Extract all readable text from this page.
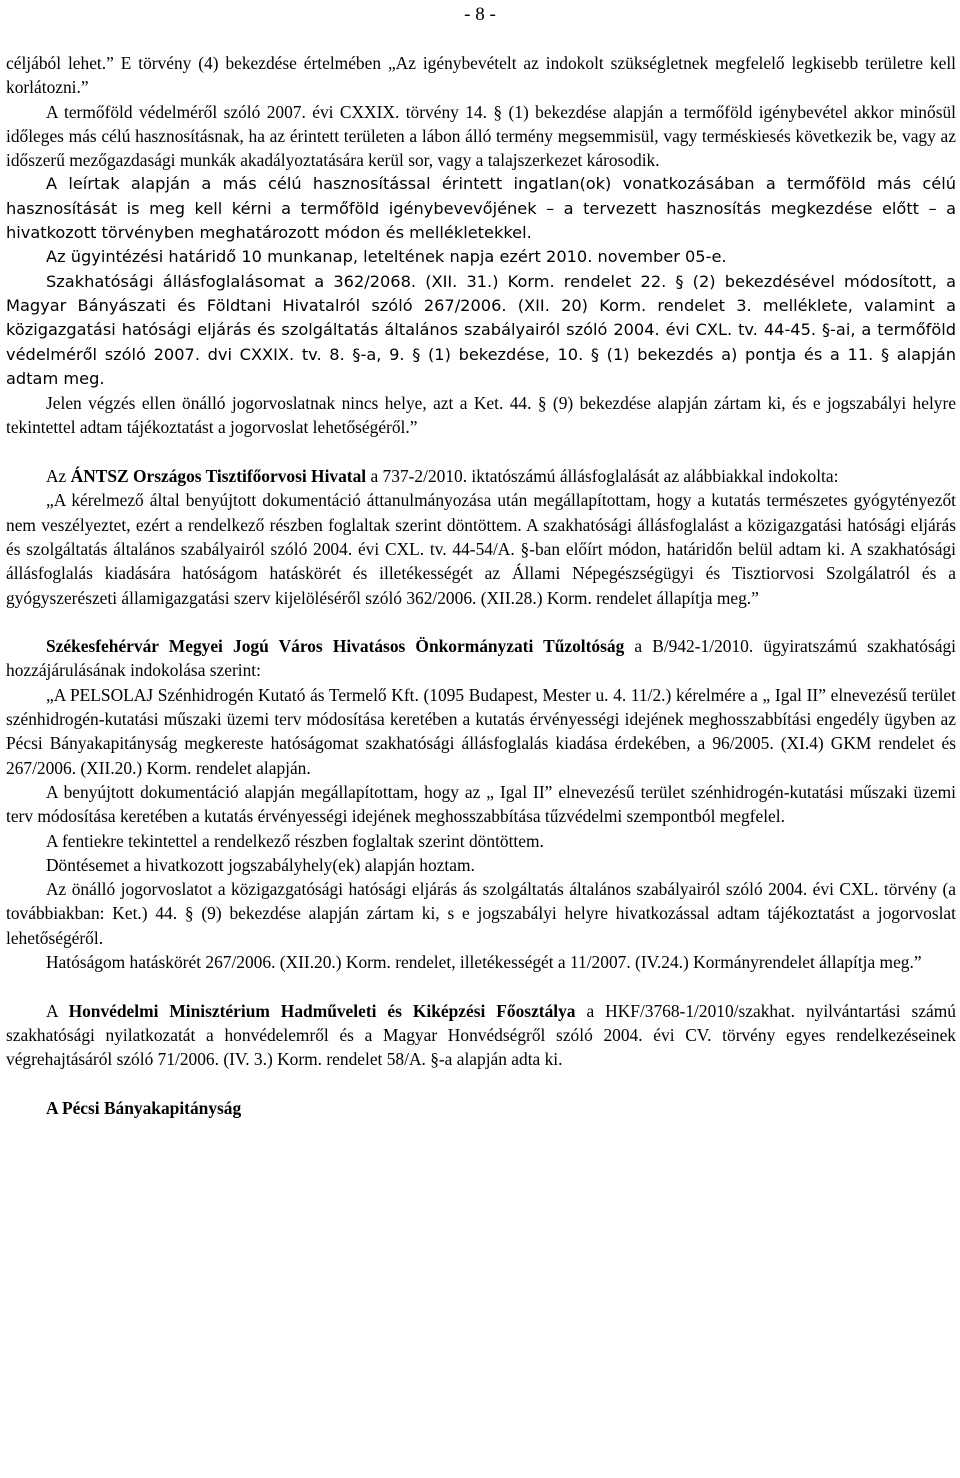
- 8 -

céljából lehet.” E törvény (4) bekezdése értelmében „Az igénybevételt az indokolt szükségletnek megfelelő legkisebb területre kell korlátozni.”

A termőföld védelméről szóló 2007. évi CXXIX. törvény 14. § (1) bekezdése alapján a termőföld igénybevétel akkor minősül időleges más célú hasznosításnak, ha az érintett területen a lábon álló termény megsemmisül, vagy terméskiesés következik be, vagy az időszerű mezőgazdasági munkák akadályoztatására kerül sor, vagy a talajszerkezet károsodik.

A leírtak alapján a más célú hasznosítással érintett ingatlan(ok) vonatkozásában a termőföld más célú hasznosítását is meg kell kérni a termőföld igénybevevőjének – a tervezett hasznosítás megkezdése előtt – a hivatkozott törvényben meghatározott módon és mellékletekkel.

Az ügyintézési határidő 10 munkanap, leteltének napja ezért 2010. november 05-e.

Szakhatósági állásfoglalásomat a 362/2068. (XII. 31.) Korm. rendelet 22. § (2) bekezdésével módosított, a Magyar Bányászati és Földtani Hivatalról szóló 267/2006. (XII. 20) Korm. rendelet 3. melléklete, valamint a közigazgatási hatósági eljárás és szolgáltatás általános szabályairól szóló 2004. évi CXL. tv. 44-45. §-ai, a termőföld védelméről szóló 2007. dvi CXXIX. tv. 8. §-a, 9. § (1) bekezdése, 10. § (1) bekezdés a) pontja és a 11. § alapján adtam meg.

Jelen végzés ellen önálló jogorvoslatnak nincs helye, azt a Ket. 44. § (9) bekezdése alapján zártam ki, és e jogszabályi helyre tekintettel adtam tájékoztatást a jogorvoslat lehetőségéről.”

Az ÁNTSZ Országos Tisztifőorvosi Hivatal a 737-2/2010. iktatószámú állásfoglalását az alábbiakkal indokolta:

„A kérelmező által benyújtott dokumentáció áttanulmányozása után megállapítottam, hogy a kutatás természetes gyógytényezőt nem veszélyeztet, ezért a rendelkező részben foglaltak szerint döntöttem. A szakhatósági állásfoglalást a közigazgatási hatósági eljárás és szolgáltatás általános szabályairól szóló 2004. évi CXL. tv. 44-54/A. §-ban előírt módon, határidőn belül adtam ki. A szakhatósági állásfoglalás kiadására hatóságom hatáskörét és illetékességét az Állami Népegészségügyi és Tisztiorvosi Szolgálatról és a gyógyszerészeti államigazgatási szerv kijelöléséről szóló 362/2006. (XII.28.) Korm. rendelet állapítja meg.”

Székesfehérvár Megyei Jogú Város Hivatásos Önkormányzati Tűzoltóság a B/942-1/2010. ügyiratszámú szakhatósági hozzájárulásának indokolása szerint:

„A PELSOLAJ Szénhidrogén Kutató ás Termelő Kft. (1095 Budapest, Mester u. 4. 11/2.) kérelmére a „ Igal II” elnevezésű terület szénhidrogén-kutatási műszaki üzemi terv módosítása keretében a kutatás érvényességi idejének meghosszabbítási engedély ügyben az Pécsi Bányakapitányság megkereste hatóságomat szakhatósági állásfoglalás kiadása érdekében, a 96/2005. (XI.4) GKM rendelet és 267/2006. (XII.20.) Korm. rendelet alapján.

A benyújtott dokumentáció alapján megállapítottam, hogy az „ Igal II” elnevezésű terület szénhidrogén-kutatási műszaki üzemi terv módosítása keretében a kutatás érvényességi idejének meghosszabbítása tűzvédelmi szempontból megfelel.

A fentiekre tekintettel a rendelkező részben foglaltak szerint döntöttem.

Döntésemet a hivatkozott jogszabályhely(ek) alapján hoztam.

Az önálló jogorvoslatot a közigazgatósági hatósági eljárás ás szolgáltatás általános szabályairól szóló 2004. évi CXL. törvény (a továbbiakban: Ket.) 44. § (9) bekezdése alapján zártam ki, s e jogszabályi helyre hivatkozással adtam tájékoztatást a jogorvoslat lehetőségéről.

Hatóságom hatáskörét 267/2006. (XII.20.) Korm. rendelet, illetékességét a 11/2007. (IV.24.) Kormányrendelet állapítja meg.”

A Honvédelmi Minisztérium Hadműveleti és Kiképzési Főosztálya a HKF/3768-1/2010/szakhat. nyilvántartási számú szakhatósági nyilatkozatát a honvédelemről és a Magyar Honvédségről szóló 2004. évi CV. törvény egyes rendelkezéseinek végrehajtásáról szóló 71/2006. (IV. 3.) Korm. rendelet 58/A. §-a alapján adta ki.

A Pécsi Bányakapitányság
